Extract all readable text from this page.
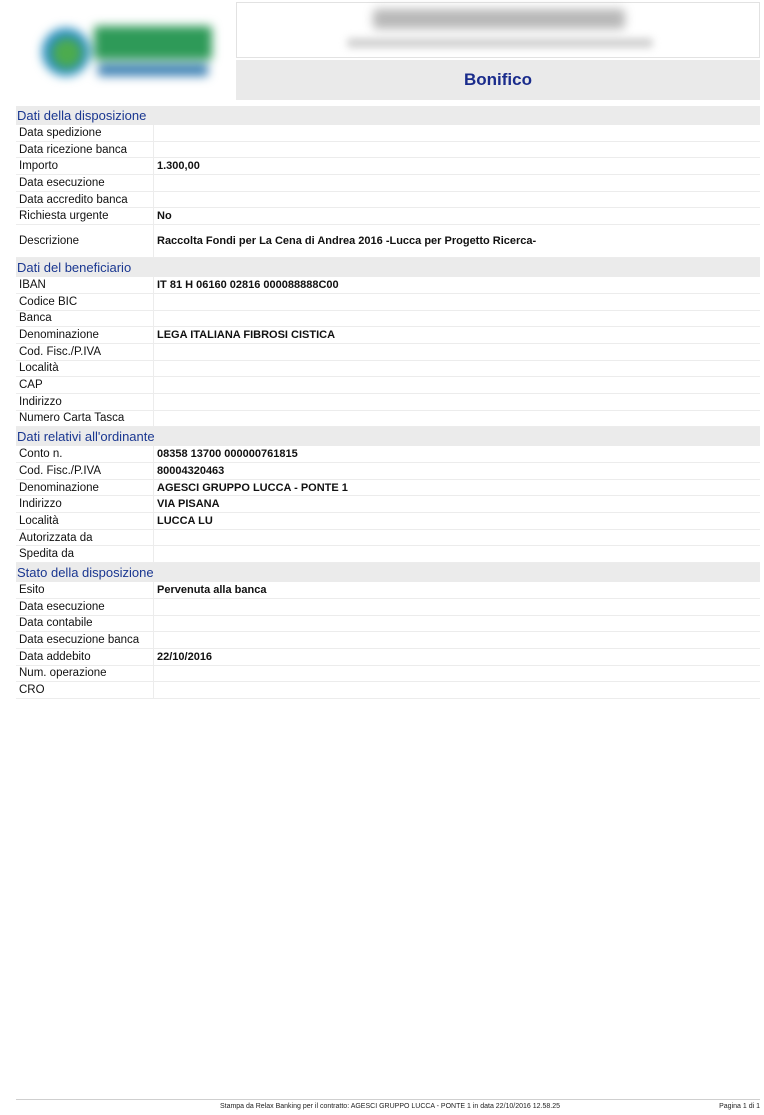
Bonifico
Dati della disposizione
Data spedizione
Data ricezione banca
Importo	1.300,00
Data esecuzione
Data accredito banca
Richiesta urgente	No
Descrizione	Raccolta Fondi per La Cena di Andrea 2016 -Lucca per Progetto Ricerca-
Dati del beneficiario
IBAN	IT 81 H 06160 02816 000088888C00
Codice BIC
Banca
Denominazione	LEGA ITALIANA FIBROSI CISTICA
Cod. Fisc./P.IVA
Località
CAP
Indirizzo
Numero Carta Tasca
Dati relativi all'ordinante
Conto n.	08358 13700 000000761815
Cod. Fisc./P.IVA	80004320463
Denominazione	AGESCI GRUPPO LUCCA - PONTE 1
Indirizzo	VIA PISANA
Località	LUCCA LU
Autorizzata da
Spedita da
Stato della disposizione
Esito	Pervenuta alla banca
Data esecuzione
Data contabile
Data esecuzione banca
Data addebito	22/10/2016
Num. operazione
CRO
Stampa da Relax Banking per il contratto: AGESCI GRUPPO LUCCA - PONTE 1 in data 22/10/2016 12.58.25	Pagina 1 di 1
